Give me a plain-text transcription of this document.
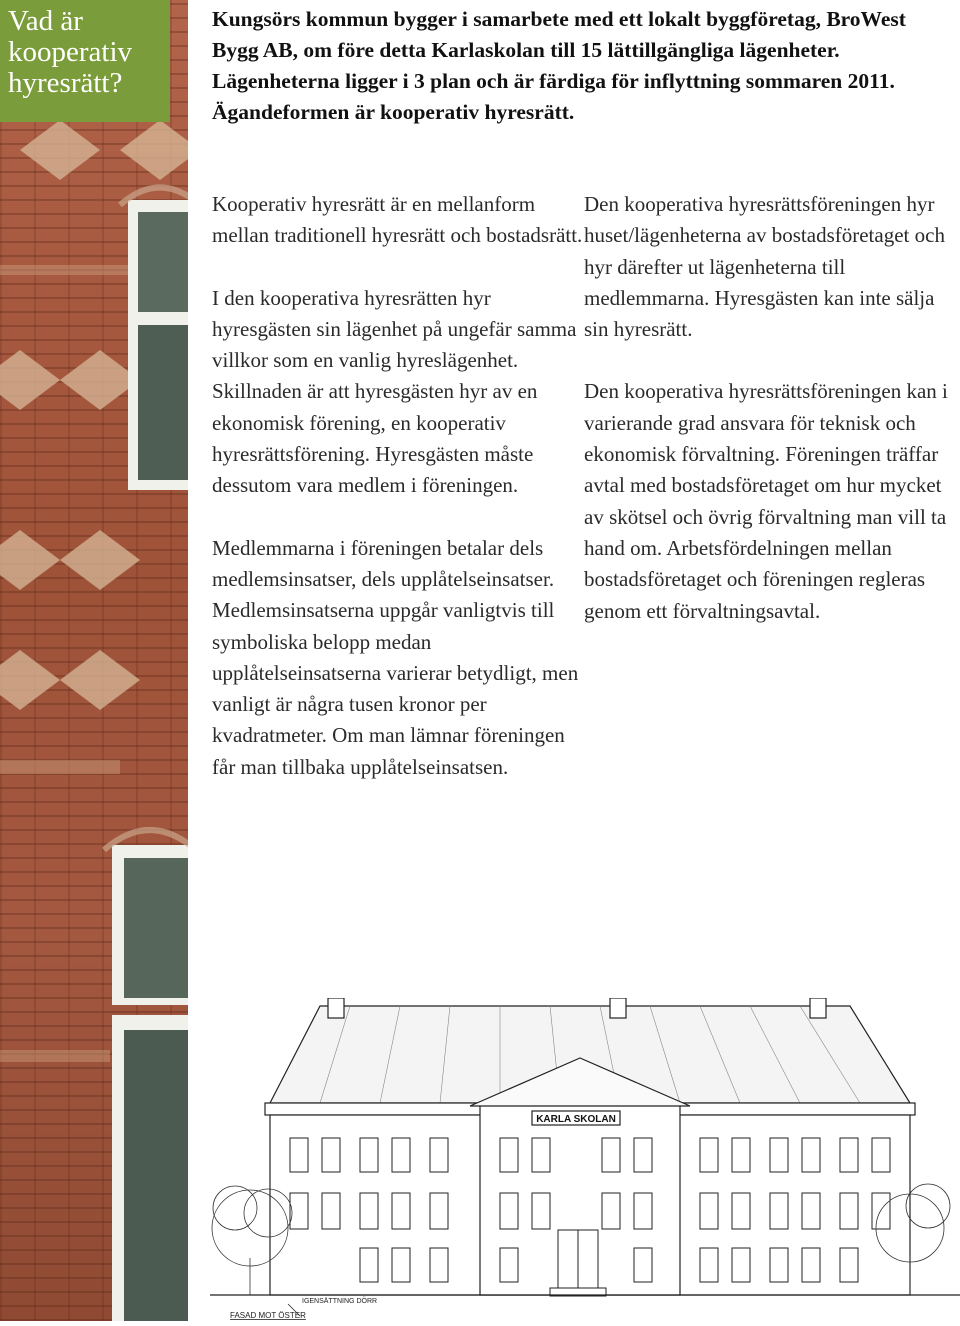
Vad är kooperativ hyresrätt?
Kungsörs kommun bygger i samarbete med ett lokalt byggföretag, BroWest Bygg AB, om före detta Karlaskolan till 15 lättillgängliga lägenheter. Lägenheterna ligger i 3 plan och är färdiga för inflyttning sommaren 2011. Ägandeformen är kooperativ hyresrätt.

Kooperativ hyresrätt är en mellanform mellan traditionell hyresrätt och bostadsrätt.

I den kooperativa hyresrätten hyr hyresgästen sin lägenhet på ungefär samma villkor som en vanlig hyreslägenhet. Skillnaden är att hyresgästen hyr av en ekonomisk förening, en kooperativ hyresrättsförening. Hyresgästen måste dessutom vara medlem i föreningen.

Medlemmarna i föreningen betalar dels medlemsinsatser, dels upplåtelseinsatser. Medlemsinsatserna uppgår vanligtvis till symboliska belopp medan upplåtelseinsatserna varierar betydligt, men vanligt är några tusen kronor per kvadratmeter. Om man lämnar föreningen får man tillbaka upplåtelseinsatsen.

Den kooperativa hyresrättsföreningen hyr huset/lägenheterna av bostadsföretaget och hyr därefter ut lägenheterna till medlemmarna. Hyresgästen kan inte sälja sin hyresrätt.

Den kooperativa hyresrättsföreningen kan i varierande grad ansvara för teknisk och ekonomisk förvaltning. Föreningen träffar avtal med bostadsföretaget om hur mycket av skötsel och övrig förvaltning man vill ta hand om. Arbetsfördelningen mellan bostadsföretaget och föreningen regleras genom ett förvaltningsavtal.

KARLA SKOLAN
IGENSÄTTNING DÖRR
FASAD MOT ÖSTER
